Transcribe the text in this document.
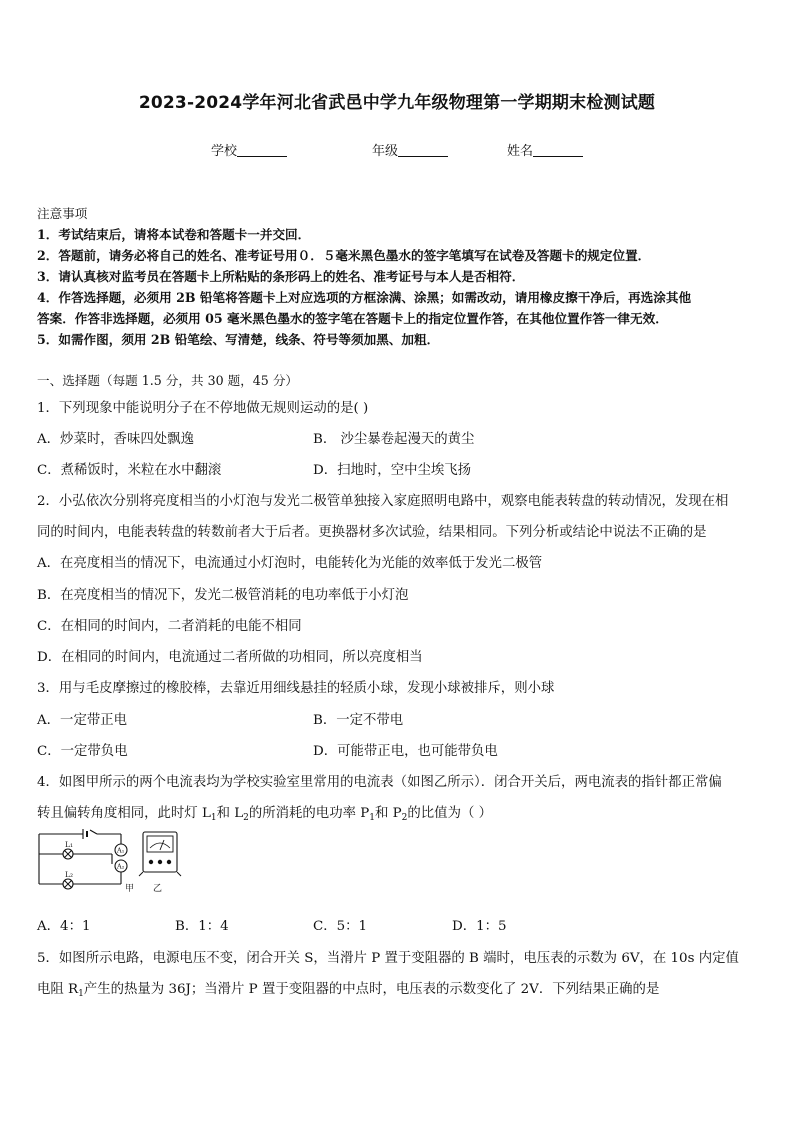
2023-2024学年河北省武邑中学九年级物理第一学期期末检测试题
学校	年级	姓名
注意事项
1．考试结束后，请将本试卷和答题卡一并交回．
2．答题前，请务必将自己的姓名、准考证号用０．５毫米黑色墨水的签字笔填写在试卷及答题卡的规定位置．
3．请认真核对监考员在答题卡上所粘贴的条形码上的姓名、准考证号与本人是否相符．
4．作答选择题，必须用 2B 铅笔将答题卡上对应选项的方框涂满、涂黑；如需改动，请用橡皮擦干净后，再选涂其他
答案．作答非选择题，必须用 05 毫米黑色墨水的签字笔在答题卡上的指定位置作答，在其他位置作答一律无效．
5．如需作图，须用 2B 铅笔绘、写清楚，线条、符号等须加黑、加粗．
一、选择题（每题 1.5 分，共 30 题，45 分）
1．下列现象中能说明分子在不停地做无规则运动的是( )
A．炒菜时，香味四处飘逸	B． 沙尘暴卷起漫天的黄尘
C．煮稀饭时，米粒在水中翻滚	D．扫地时，空中尘埃飞扬
2．小弘依次分别将亮度相当的小灯泡与发光二极管单独接入家庭照明电路中，观察电能表转盘的转动情况，发现在相
同的时间内，电能表转盘的转数前者大于后者。更换器材多次试验，结果相同。下列分析或结论中说法不正确的是
A．在亮度相当的情况下，电流通过小灯泡时，电能转化为光能的效率低于发光二极管
B．在亮度相当的情况下，发光二极管消耗的电功率低于小灯泡
C．在相同的时间内，二者消耗的电能不相同
D．在相同的时间内，电流通过二者所做的功相同，所以亮度相当
3．用与毛皮摩擦过的橡胶棒，去靠近用细线悬挂的轻质小球，发现小球被排斥，则小球
A．一定带正电	B．一定不带电
C．一定带负电	D．可能带正电，也可能带负电
4．如图甲所示的两个电流表均为学校实验室里常用的电流表（如图乙所示）．闭合开关后，两电流表的指针都正常偏
转且偏转角度相同，此时灯 $L_1$和 $L_2$的所消耗的电功率 $P_1$和 $P_2$的比值为（ ）
L₁
L₂
A₁
A₂
甲 乙
A．4：1	B．1：4	C．5：1	D．1：5
5．如图所示电路，电源电压不变，闭合开关 S，当滑片 P 置于变阻器的 B 端时，电压表的示数为 6V，在 10s 内定值
电阻 $R_1$产生的热量为 36J；当滑片 P 置于变阻器的中点时，电压表的示数变化了 2V．下列结果正确的是
